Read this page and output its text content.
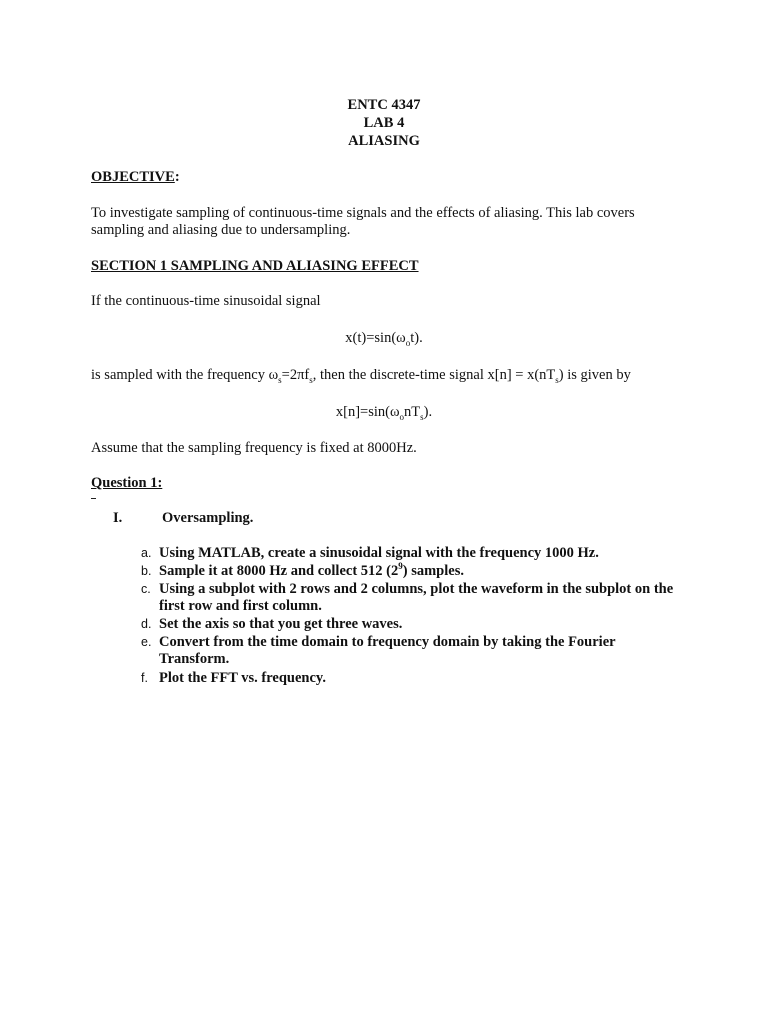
ENTC 4347
LAB 4
ALIASING
OBJECTIVE:
To investigate sampling of continuous-time signals and the effects of aliasing. This lab covers sampling and aliasing due to undersampling.
SECTION 1 SAMPLING AND ALIASING EFFECT
If the continuous-time sinusoidal signal
$x(t)=\sin(\omega_ot)$.
is sampled with the frequency $\omega_s=2\pi f_s$, then the discrete-time signal $x[n] = x(nT_s)$ is given by
$x[n]=\sin(\omega_onT_s)$.
Assume that the sampling frequency is fixed at 8000Hz.
Question 1:
I.	Oversampling.
a. Using MATLAB, create a sinusoidal signal with the frequency 1000 Hz.
b. Sample it at 8000 Hz and collect 512 $(2^9)$ samples.
c. Using a subplot with 2 rows and 2 columns, plot the waveform in the subplot on the first row and first column.
d. Set the axis so that you get three waves.
e. Convert from the time domain to frequency domain by taking the Fourier Transform.
f. Plot the FFT vs. frequency.
